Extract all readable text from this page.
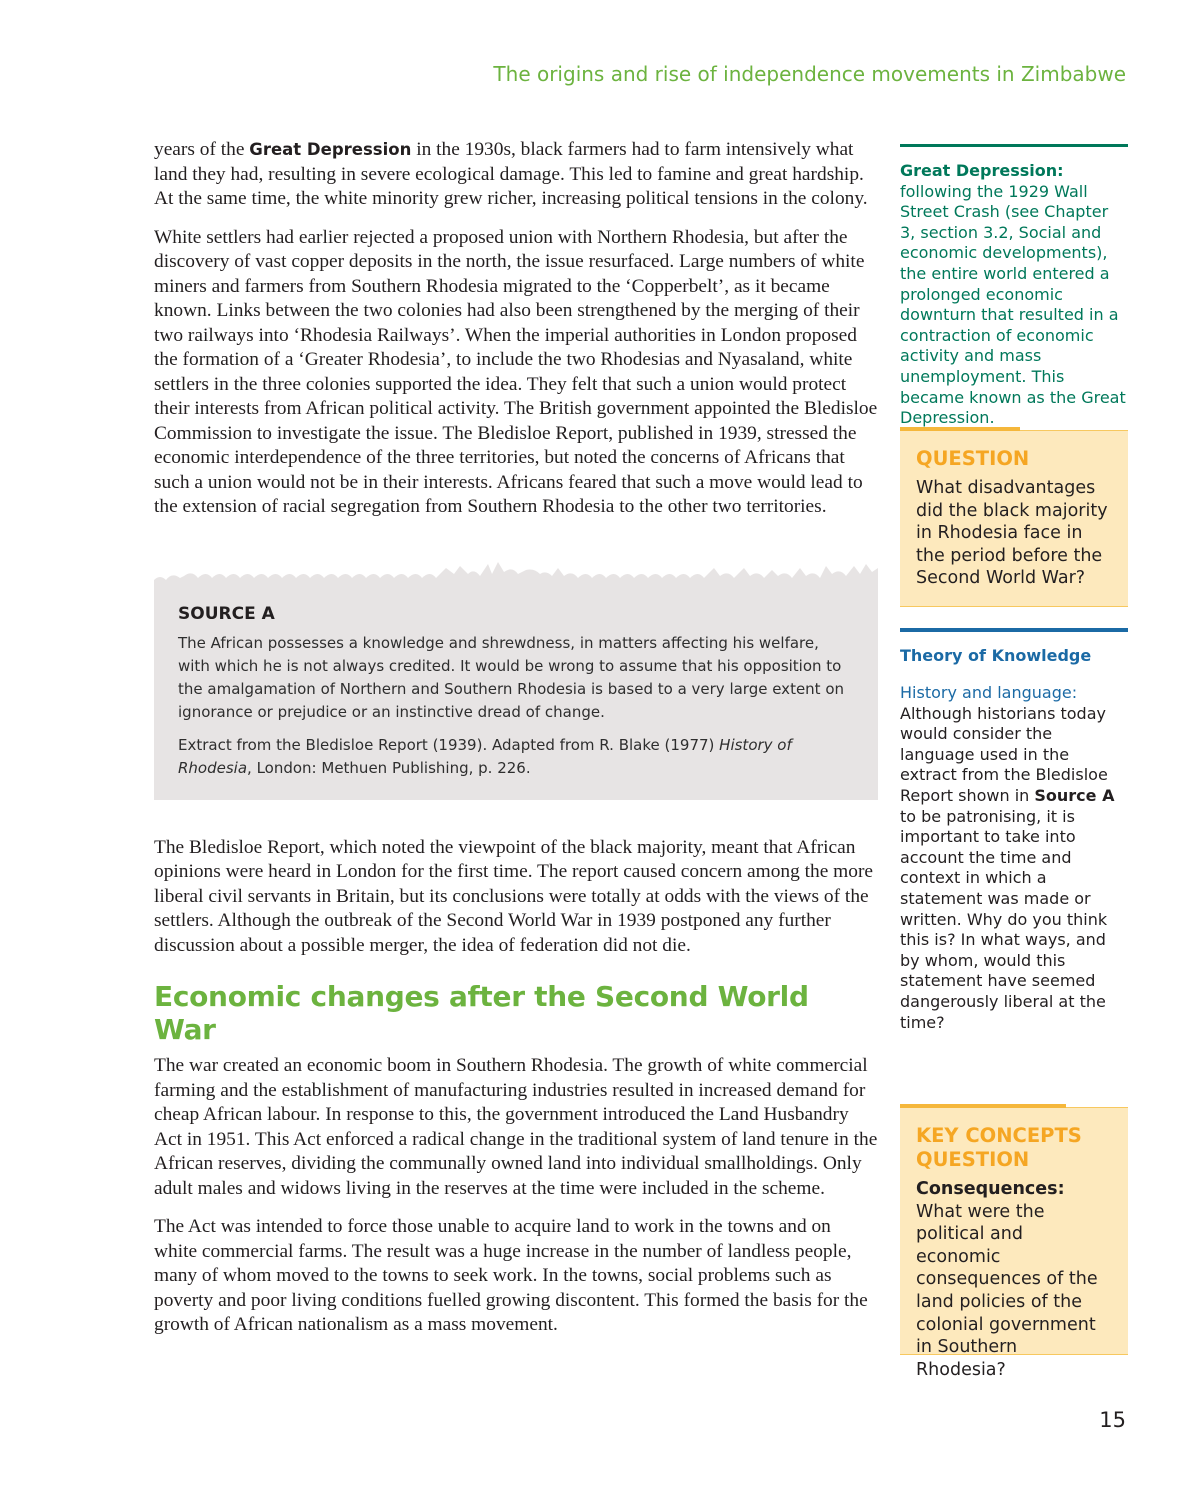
The origins and rise of independence movements in Zimbabwe

years of the Great Depression in the 1930s, black farmers had to farm intensively what land they had, resulting in severe ecological damage. This led to famine and great hardship. At the same time, the white minority grew richer, increasing political tensions in the colony.

White settlers had earlier rejected a proposed union with Northern Rhodesia, but after the discovery of vast copper deposits in the north, the issue resurfaced. Large numbers of white miners and farmers from Southern Rhodesia migrated to the ‘Copperbelt’, as it became known. Links between the two colonies had also been strengthened by the merging of their two railways into ‘Rhodesia Railways’. When the imperial authorities in London proposed the formation of a ‘Greater Rhodesia’, to include the two Rhodesias and Nyasaland, white settlers in the three colonies supported the idea. They felt that such a union would protect their interests from African political activity. The British government appointed the Bledisloe Commission to investigate the issue. The Bledisloe Report, published in 1939, stressed the economic interdependence of the three territories, but noted the concerns of Africans that such a union would not be in their interests. Africans feared that such a move would lead to the extension of racial segregation from Southern Rhodesia to the other two territories.

SOURCE A

The African possesses a knowledge and shrewdness, in matters affecting his welfare, with which he is not always credited. It would be wrong to assume that his opposition to the amalgamation of Northern and Southern Rhodesia is based to a very large extent on ignorance or prejudice or an instinctive dread of change.

Extract from the Bledisloe Report (1939). Adapted from R. Blake (1977) History of Rhodesia, London: Methuen Publishing, p. 226.

The Bledisloe Report, which noted the viewpoint of the black majority, meant that African opinions were heard in London for the first time. The report caused concern among the more liberal civil servants in Britain, but its conclusions were totally at odds with the views of the settlers. Although the outbreak of the Second World War in 1939 postponed any further discussion about a possible merger, the idea of federation did not die.

Economic changes after the Second World War

The war created an economic boom in Southern Rhodesia. The growth of white commercial farming and the establishment of manufacturing industries resulted in increased demand for cheap African labour. In response to this, the government introduced the Land Husbandry Act in 1951. This Act enforced a radical change in the traditional system of land tenure in the African reserves, dividing the communally owned land into individual smallholdings. Only adult males and widows living in the reserves at the time were included in the scheme.

The Act was intended to force those unable to acquire land to work in the towns and on white commercial farms. The result was a huge increase in the number of landless people, many of whom moved to the towns to seek work. In the towns, social problems such as poverty and poor living conditions fuelled growing discontent. This formed the basis for the growth of African nationalism as a mass movement.

Great Depression: following the 1929 Wall Street Crash (see Chapter 3, section 3.2, Social and economic developments), the entire world entered a prolonged economic downturn that resulted in a contraction of economic activity and mass unemployment. This became known as the Great Depression.
QUESTION

What disadvantages did the black majority in Rhodesia face in the period before the Second World War?

Theory of Knowledge
History and language:
Although historians today would consider the language used in the extract from the Bledisloe Report shown in Source A to be patronising, it is important to take into account the time and context in which a statement was made or written. Why do you think this is? In what ways, and by whom, would this statement have seemed dangerously liberal at the time?
KEY CONCEPTS QUESTION

Consequences: What were the political and economic consequences of the land policies of the colonial government in Southern Rhodesia?

15
